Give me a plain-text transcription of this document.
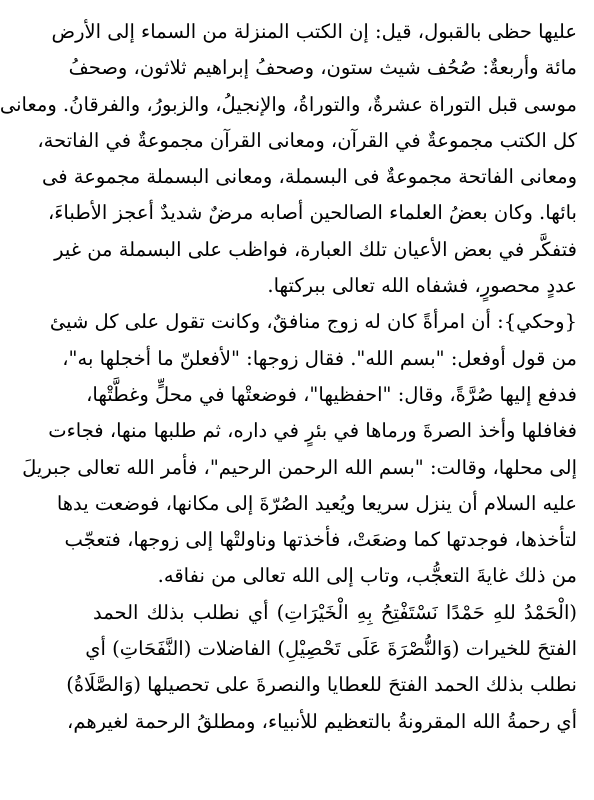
عليها حظى بالقبول، قيل: إن الكتب المنزلة من السماء إلى الأرض
مائة وأربعةٌ: صُحُف شيث ستون، وصحفُ إبراهيم ثلاثون، وصحفُ
موسى قبل التوراة عشرةٌ، والتوراةُ، والإنجيلُ، والزبورُ، والفرقانُ. ومعانى
كل الكتب مجموعةٌ في القرآن، ومعانى القرآن مجموعةٌ في الفاتحة،
ومعانى الفاتحة مجموعةٌ فى البسملة، ومعانى البسملة مجموعة فى
بائها. وكان بعضُ العلماء الصالحين أصابه مرضٌ شديدٌ أعجز الأطباءَ،
فتفكَّر في بعض الأعيان تلك العبارة، فواظب على البسملة من غير
عددٍ محصورٍ، فشفاه الله تعالى ببركتها.
{وحكي}: أن امرأةً كان له زوج منافقٌ، وكانت تقول على كل شيئ
من قول أوفعل: "بسم الله". فقال زوجها: "لأفعلنّ ما أخجلها به"،
فدفع إليها صُرَّةً، وقال: "احفظيها"، فوضعتْها في محلٍّ وغطَّتْها،
فغافلها وأخذ الصرةَ ورماها في بئرٍ في داره، ثم طلبها منها، فجاءت
إلى محلها، وقالت: "بسم الله الرحمن الرحيم"، فأمر الله تعالى جبريلَ
عليه السلام أن ينزل سريعا ويُعيد الصُرّةَ إلى مكانها، فوضعت يدها
لتأخذها، فوجدتها كما وضعَتْ، فأخذتها وناولتْها إلى زوجها، فتعجّب
من ذلك غايةَ التعجُّب، وتاب إلى الله تعالى من نفاقه.
(الْحَمْدُ للهِ حَمْدًا نَسْتَفْتِحُ بِهِ الْخَيْرَاتِ) أي نطلب بذلك الحمد
الفتحَ للخيرات (وَالنُّصْرَةَ عَلَى تَحْصِيْلِ) الفاضلات (النَّفَحَاتِ) أي
نطلب بذلك الحمد الفتحَ للعطايا والنصرةَ على تحصيلها (وَالصَّلَاةُ)
أي رحمةُ الله المقرونةُ بالتعظيم للأنبياء، ومطلقُ الرحمة لغيرهم،
